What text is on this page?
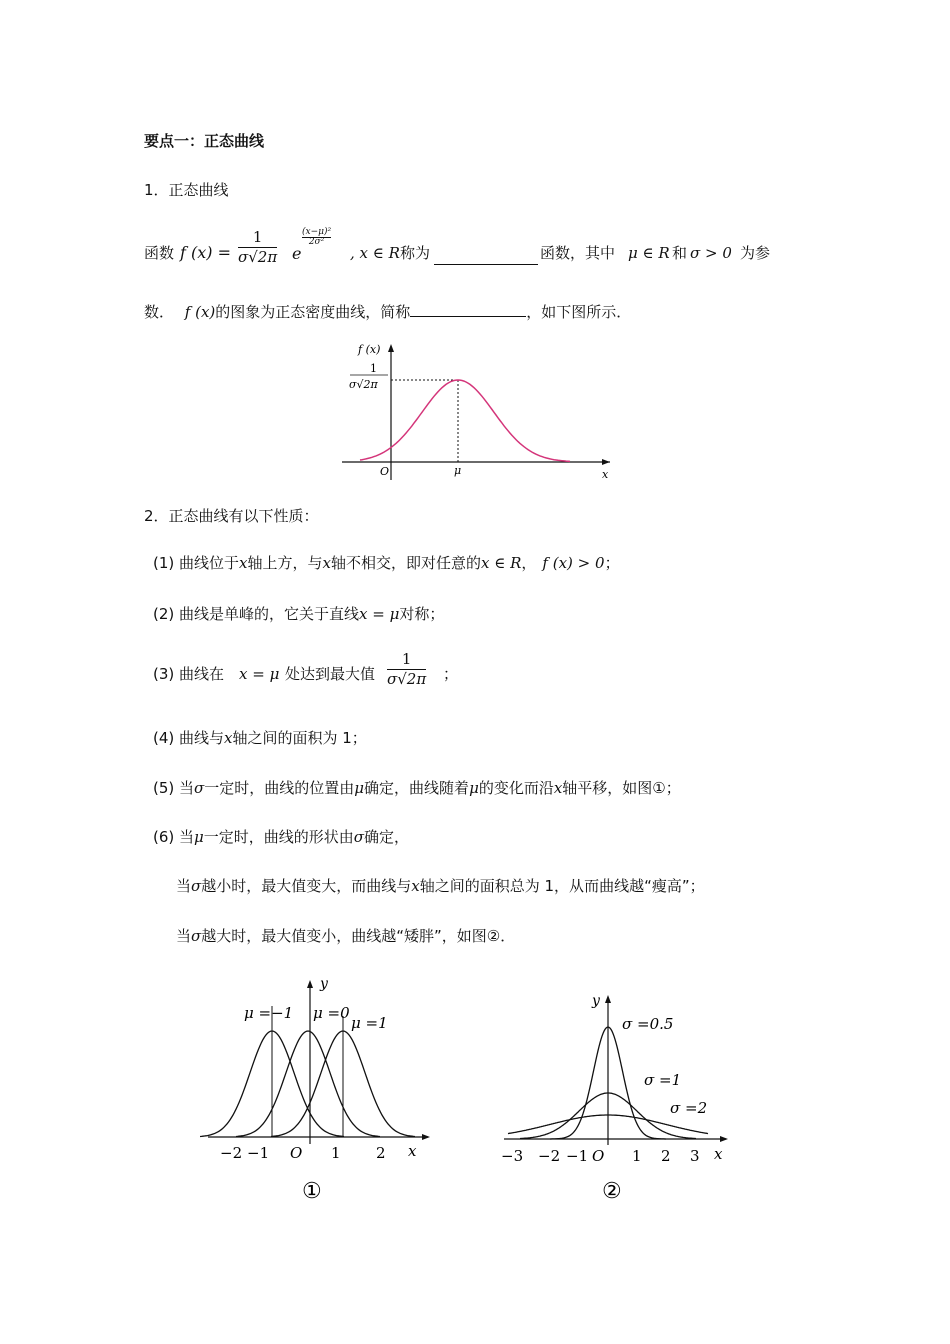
要点一：正态曲线
1．正态曲线
函数 f $(x) = \frac{1}{\sigma√2\pi}$ e
(x−μ)²
2σ²
, x ∈ R 称为	函数，其中 μ ∈ R 和 σ > 0 为参
数． f (x)的图象为正态密度曲线，简称	，如下图所示．
f (x)
1
σ√2π
O	μ	x
2．正态曲线有以下性质：
(1) 曲线位于x轴上方，与x轴不相交，即对任意的x ∈ R， f (x) > 0；
(2) 曲线是单峰的，它关于直线x = μ对称；
(3) 曲线在 x = μ 处达到最大值 $\frac{1}{\sigma√2\pi}$ ；
(4) 曲线与x轴之间的面积为 1；
(5) 当σ一定时，曲线的位置由μ确定，曲线随着μ的变化而沿x轴平移，如图①；
(6) 当μ一定时，曲线的形状由σ确定，
当σ越小时，最大值变大，而曲线与x轴之间的面积总为 1，从而曲线越“瘦高”；
当σ越大时，最大值变小，曲线越“矮胖”，如图②．
y
μ =−1 μ =0
μ =1
−2 −1 O 1 2 x
①
y
σ =0.5
σ =1
σ =2
−3 −2 −1 O 1 2 3 x
②
